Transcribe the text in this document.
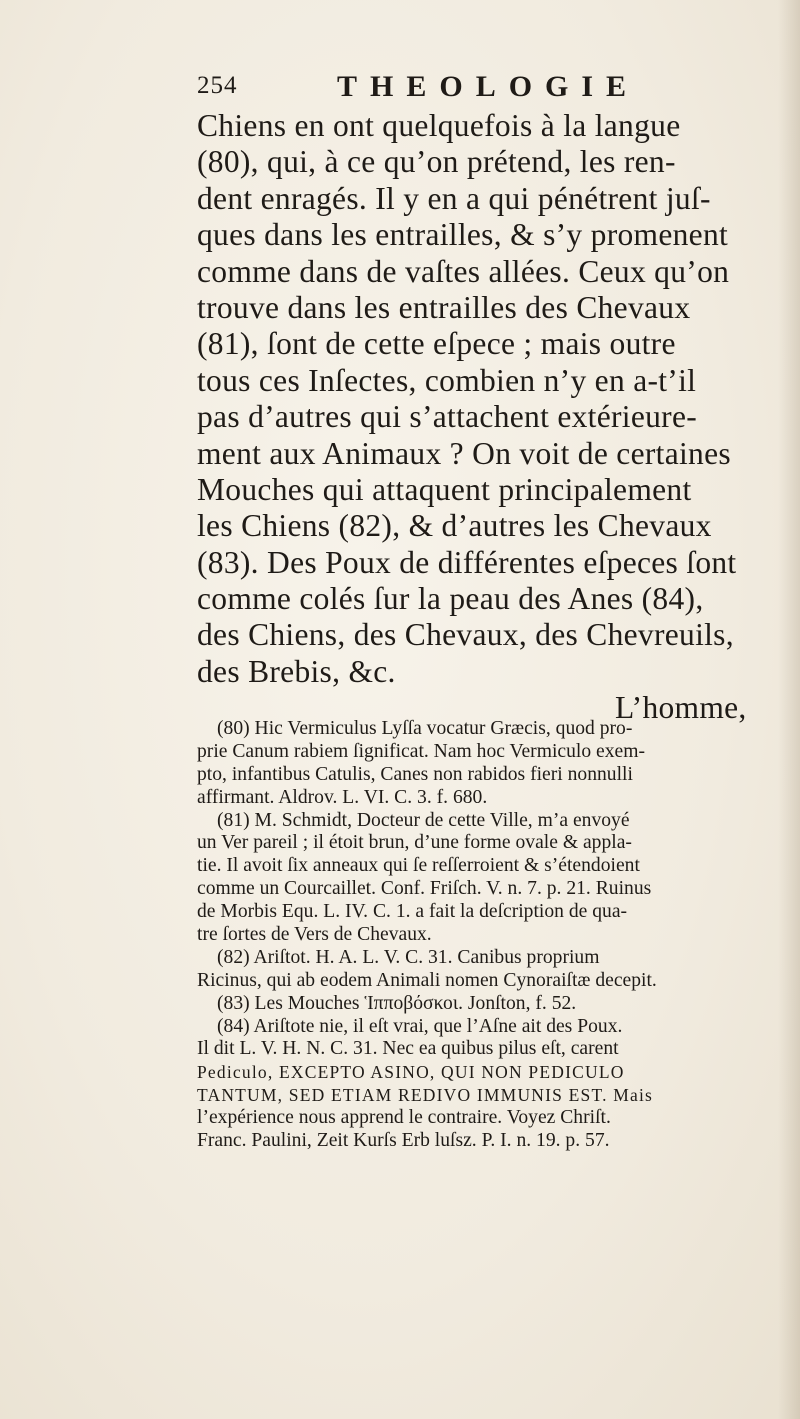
254	THEOLOGIE
Chiens en ont quelquefois à la langue
(80), qui, à ce qu’on prétend, les ren-
dent enragés. Il y en a qui pénétrent juſ-
ques dans les entrailles, & s’y promenent
comme dans de vaſtes allées. Ceux qu’on
trouve dans les entrailles des Chevaux
(81), ſont de cette eſpece ; mais outre
tous ces Inſectes, combien n’y en a-t’il
pas d’autres qui s’attachent extérieure-
ment aux Animaux ? On voit de certaines
Mouches qui attaquent principalement
les Chiens (82), & d’autres les Chevaux
(83). Des Poux de différentes eſpeces ſont
comme colés ſur la peau des Anes (84),
des Chiens, des Chevaux, des Chevreuils,
des Brebis, &c.
L’homme,
(80) Hic Vermiculus Lyſſa vocatur Græcis, quod pro-
prie Canum rabiem ſignificat. Nam hoc Vermiculo exem-
pto, infantibus Catulis, Canes non rabidos fieri nonnulli
affirmant. Aldrov. L. VI. C. 3. f. 680.
(81) M. Schmidt, Docteur de cette Ville, m’a envoyé
un Ver pareil ; il étoit brun, d’une forme ovale & appla-
tie. Il avoit ſix anneaux qui ſe reſſerroient & s’étendoient
comme un Courcaillet. Conf. Friſch. V. n. 7. p. 21. Ruinus
de Morbis Equ. L. IV. C. 1. a fait la deſcription de qua-
tre ſortes de Vers de Chevaux.
(82) Ariſtot. H. A. L. V. C. 31. Canibus proprium
Ricinus, qui ab eodem Animali nomen Cynoraiſtæ decepit.
(83) Les Mouches Ἱπποβόσκοι. Jonſton, f. 52.
(84) Ariſtote nie, il eſt vrai, que l’Aſne ait des Poux.
Il dit L. V. H. N. C. 31. Nec ea quibus pilus eſt, carent
Pediculo, EXCEPTO ASINO, QUI NON PEDICULO
TANTUM, SED ETIAM REDIVO IMMUNIS EST. Mais
l’expérience nous apprend le contraire. Voyez Chriſt.
Franc. Paulini, Zeit Kurſs Erb luſsz. P. I. n. 19. p. 57.
